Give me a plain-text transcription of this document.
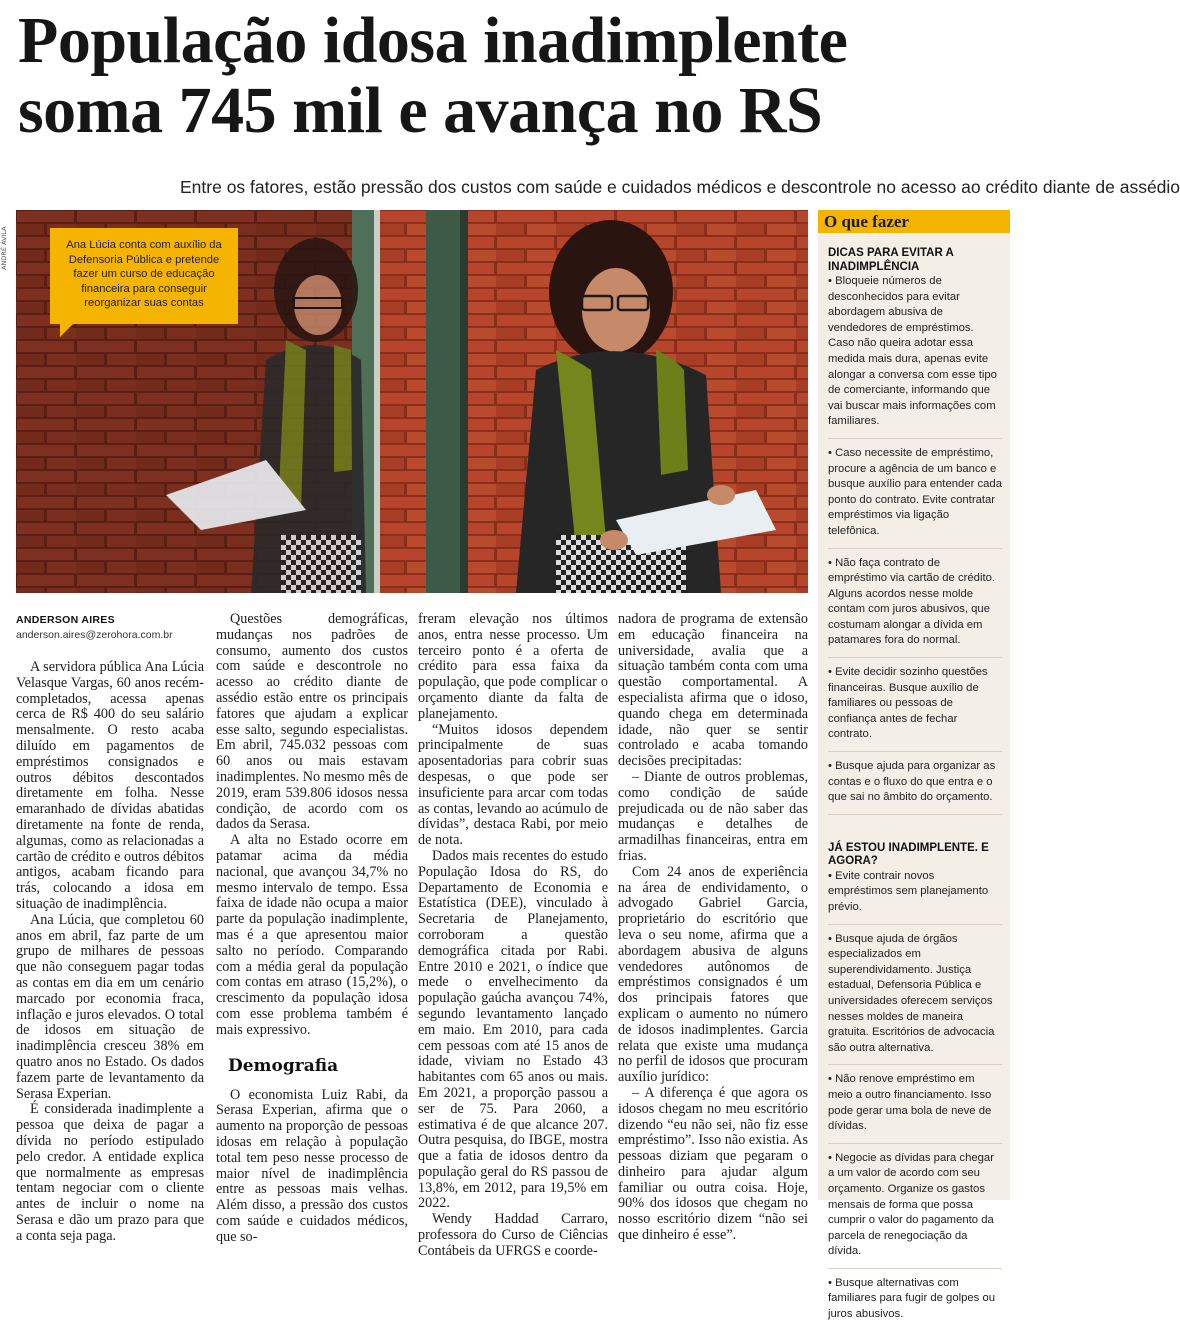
População idosa inadimplente soma 745 mil e avança no RS
Entre os fatores, estão pressão dos custos com saúde e cuidados médicos e descontrole no acesso ao crédito diante de assédio
ANDRÉ ÁVILA	Ana Lúcia conta com auxílio da Defensoria Pública e pretende fazer um curso de educação financeira para conseguir reorganizar suas contas
O que fazer
DICAS PARA EVITAR A INADIMPLÊNCIA
• Bloqueie números de desconhecidos para evitar abordagem abusiva de vendedores de empréstimos. Caso não queira adotar essa medida mais dura, apenas evite alongar a conversa com esse tipo de comerciante, informando que vai buscar mais informações com familiares.
• Caso necessite de empréstimo, procure a agência de um banco e busque auxílio para entender cada ponto do contrato. Evite contratar empréstimos via ligação telefônica.
• Não faça contrato de empréstimo via cartão de crédito. Alguns acordos nesse molde contam com juros abusivos, que costumam alongar a dívida em patamares fora do normal.
• Evite decidir sozinho questões financeiras. Busque auxílio de familiares ou pessoas de confiança antes de fechar contrato.
• Busque ajuda para organizar as contas e o fluxo do que entra e o que sai no âmbito do orçamento.
JÁ ESTOU INADIMPLENTE. E AGORA?
• Evite contrair novos empréstimos sem planejamento prévio.
• Busque ajuda de órgãos especializados em superendividamento. Justiça estadual, Defensoria Pública e universidades oferecem serviços nesses moldes de maneira gratuita. Escritórios de advocacia são outra alternativa.
• Não renove empréstimo em meio a outro financiamento. Isso pode gerar uma bola de neve de dívidas.
• Negocie as dívidas para chegar a um valor de acordo com seu orçamento. Organize os gastos mensais de forma que possa cumprir o valor do pagamento da parcela de renegociação da dívida.
• Busque alternativas com familiares para fugir de golpes ou juros abusivos.
ANDERSON AIRES
anderson.aires@zerohora.com.br

A servidora pública Ana Lúcia Velasque Vargas, 60 anos recém-completados, acessa apenas cerca de R$ 400 do seu salário mensalmente. O resto acaba diluído em pagamentos de empréstimos consignados e outros débitos descontados diretamente em folha. Nesse emaranhado de dívidas abatidas diretamente na fonte de renda, algumas, como as relacionadas a cartão de crédito e outros débitos antigos, acabam ficando para trás, colocando a idosa em situação de inadimplência.

Ana Lúcia, que completou 60 anos em abril, faz parte de um grupo de milhares de pessoas que não conseguem pagar todas as contas em dia em um cenário marcado por economia fraca, inflação e juros elevados. O total de idosos em situação de inadimplência cresceu 38% em quatro anos no Estado. Os dados fazem parte de levantamento da Serasa Experian.

É considerada inadimplente a pessoa que deixa de pagar a dívida no período estipulado pelo credor. A entidade explica que normalmente as empresas tentam negociar com o cliente antes de incluir o nome na Serasa e dão um prazo para que a conta seja paga.

Questões demográficas, mudanças nos padrões de consumo, aumento dos custos com saúde e descontrole no acesso ao crédito diante de assédio estão entre os principais fatores que ajudam a explicar esse salto, segundo especialistas. Em abril, 745.032 pessoas com 60 anos ou mais estavam inadimplentes. No mesmo mês de 2019, eram 539.806 idosos nessa condição, de acordo com os dados da Serasa.

A alta no Estado ocorre em patamar acima da média nacional, que avançou 34,7% no mesmo intervalo de tempo. Essa faixa de idade não ocupa a maior parte da população inadimplente, mas é a que apresentou maior salto no período. Comparando com a média geral da população com contas em atraso (15,2%), o crescimento da população idosa com esse problema também é mais expressivo.

Demografia

O economista Luiz Rabi, da Serasa Experian, afirma que o aumento na proporção de pessoas idosas em relação à população total tem peso nesse processo de maior nível de inadimplência entre as pessoas mais velhas. Além disso, a pressão dos custos com saúde e cuidados médicos, que so-

freram elevação nos últimos anos, entra nesse processo. Um terceiro ponto é a oferta de crédito para essa faixa da população, que pode complicar o orçamento diante da falta de planejamento.

“Muitos idosos dependem principalmente de suas aposentadorias para cobrir suas despesas, o que pode ser insuficiente para arcar com todas as contas, levando ao acúmulo de dívidas”, destaca Rabi, por meio de nota.

Dados mais recentes do estudo População Idosa do RS, do Departamento de Economia e Estatística (DEE), vinculado à Secretaria de Planejamento, corroboram a questão demográfica citada por Rabi. Entre 2010 e 2021, o índice que mede o envelhecimento da população gaúcha avançou 74%, segundo levantamento lançado em maio. Em 2010, para cada cem pessoas com até 15 anos de idade, viviam no Estado 43 habitantes com 65 anos ou mais. Em 2021, a proporção passou a ser de 75. Para 2060, a estimativa é de que alcance 207. Outra pesquisa, do IBGE, mostra que a fatia de idosos dentro da população geral do RS passou de 13,8%, em 2012, para 19,5% em 2022.

Wendy Haddad Carraro, professora do Curso de Ciências Contábeis da UFRGS e coorde-

nadora de programa de extensão em educação financeira na universidade, avalia que a situação também conta com uma questão comportamental. A especialista afirma que o idoso, quando chega em determinada idade, não quer se sentir controlado e acaba tomando decisões precipitadas:

– Diante de outros problemas, como condição de saúde prejudicada ou de não saber das mudanças e detalhes de armadilhas financeiras, entra em frias.

Com 24 anos de experiência na área de endividamento, o advogado Gabriel Garcia, proprietário do escritório que leva o seu nome, afirma que a abordagem abusiva de alguns vendedores autônomos de empréstimos consignados é um dos principais fatores que explicam o aumento no número de idosos inadimplentes. Garcia relata que existe uma mudança no perfil de idosos que procuram auxílio jurídico:

– A diferença é que agora os idosos chegam no meu escritório dizendo “eu não sei, não fiz esse empréstimo”. Isso não existia. As pessoas diziam que pegaram o dinheiro para ajudar algum familiar ou outra coisa. Hoje, 90% dos idosos que chegam no nosso escritório dizem “não sei que dinheiro é esse”.
